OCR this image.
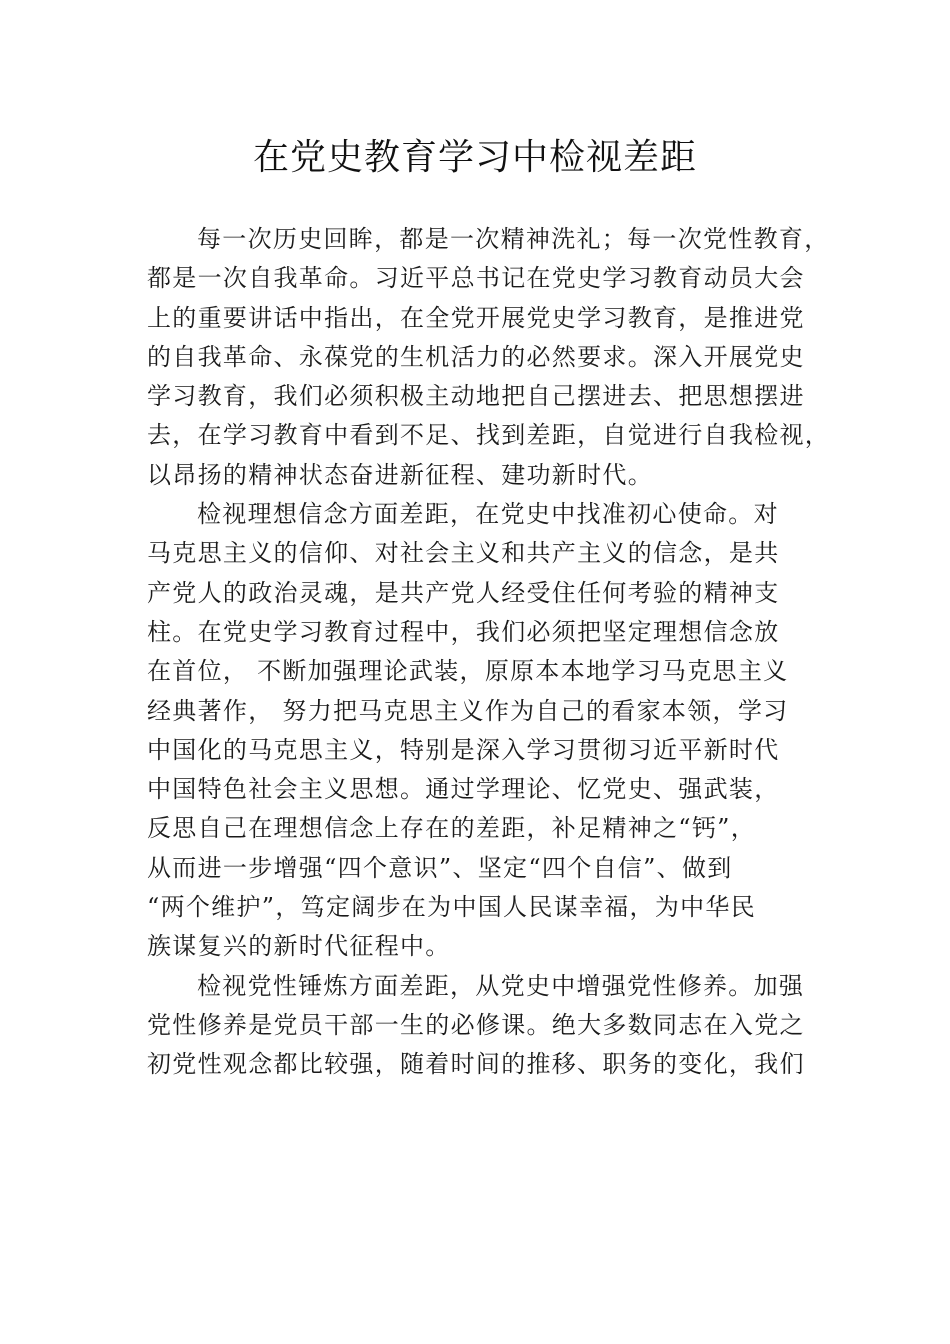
在党史教育学习中检视差距
每一次历史回眸，都是一次精神洗礼；每一次党性教育，
都是一次自我革命。习近平总书记在党史学习教育动员大会
上的重要讲话中指出，在全党开展党史学习教育，是推进党
的自我革命、永葆党的生机活力的必然要求。深入开展党史
学习教育，我们必须积极主动地把自己摆进去、把思想摆进
去，在学习教育中看到不足、找到差距，自觉进行自我检视，
以昂扬的精神状态奋进新征程、建功新时代。
检视理想信念方面差距，在党史中找准初心使命。对
马克思主义的信仰、对社会主义和共产主义的信念，是共
产党人的政治灵魂，是共产党人经受住任何考验的精神支
柱。在党史学习教育过程中，我们必须把坚定理想信念放
在首位， 不断加强理论武装，原原本本地学习马克思主义
经典著作， 努力把马克思主义作为自己的看家本领，学习
中国化的马克思主义，特别是深入学习贯彻习近平新时代
中国特色社会主义思想。通过学理论、忆党史、强武装，
反思自己在理想信念上存在的差距，补足精神之“钙”，
从而进一步增强“四个意识”、坚定“四个自信”、做到
“两个维护”，笃定阔步在为中国人民谋幸福，为中华民
族谋复兴的新时代征程中。
检视党性锤炼方面差距，从党史中增强党性修养。加强
党性修养是党员干部一生的必修课。绝大多数同志在入党之
初党性观念都比较强，随着时间的推移、职务的变化，我们
